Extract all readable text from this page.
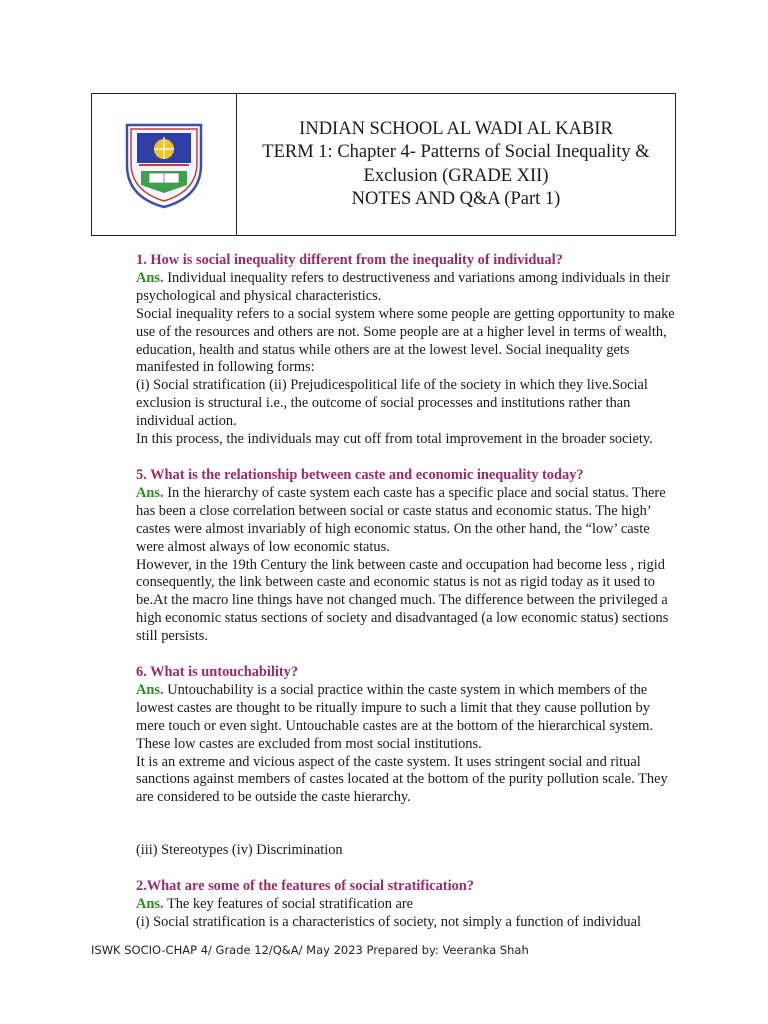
INDIAN SCHOOL AL WADI AL KABIR
TERM 1: Chapter 4- Patterns of Social Inequality &
Exclusion (GRADE XII)
NOTES AND Q&A (Part 1)

1. How is social inequality different from the inequality of individual?

Ans. Individual inequality refers to destructiveness and variations among individuals in their psychological and physical characteristics.

Social inequality refers to a social system where some people are getting opportunity to make use of the resources and others are not. Some people are at a higher level in terms of wealth, education, health and status while others are at the lowest level. Social inequality gets manifested in following forms:

(i) Social stratification (ii) Prejudicespolitical life of the society in which they live.Social exclusion is structural i.e., the outcome of social processes and institutions rather than individual action.

In this process, the individuals may cut off from total improvement in the broader society.

5. What is the relationship between caste and economic inequality today?

Ans. In the hierarchy of caste system each caste has a specific place and social status. There has been a close correlation between social or caste status and economic status. The high’ castes were almost invariably of high economic status. On the other hand, the “low’ caste were almost always of low economic status.

However, in the 19th Century the link between caste and occupation had become less , rigid consequently, the link between caste and economic status is not as rigid today as it used to be.At the macro line things have not changed much. The difference between the privileged a high economic status sections of society and disadvantaged (a low economic status) sections still persists.

6. What is untouchability?

Ans. Untouchability is a social practice within the caste system in which members of the lowest castes are thought to be ritually impure to such a limit that they cause pollution by mere touch or even sight. Untouchable castes are at the bottom of the hierarchical system. These low castes are excluded from most social institutions.

It is an extreme and vicious aspect of the caste system. It uses stringent social and ritual sanctions against members of castes located at the bottom of the purity pollution scale. They are considered to be outside the caste hierarchy.

(iii) Stereotypes (iv) Discrimination

2.What are some of the features of social stratification?

Ans. The key features of social stratification are

(i) Social stratification is a characteristics of society, not simply a function of individual

ISWK SOCIO-CHAP 4/ Grade 12/Q&A/ May 2023 Prepared by: Veeranka Shah
